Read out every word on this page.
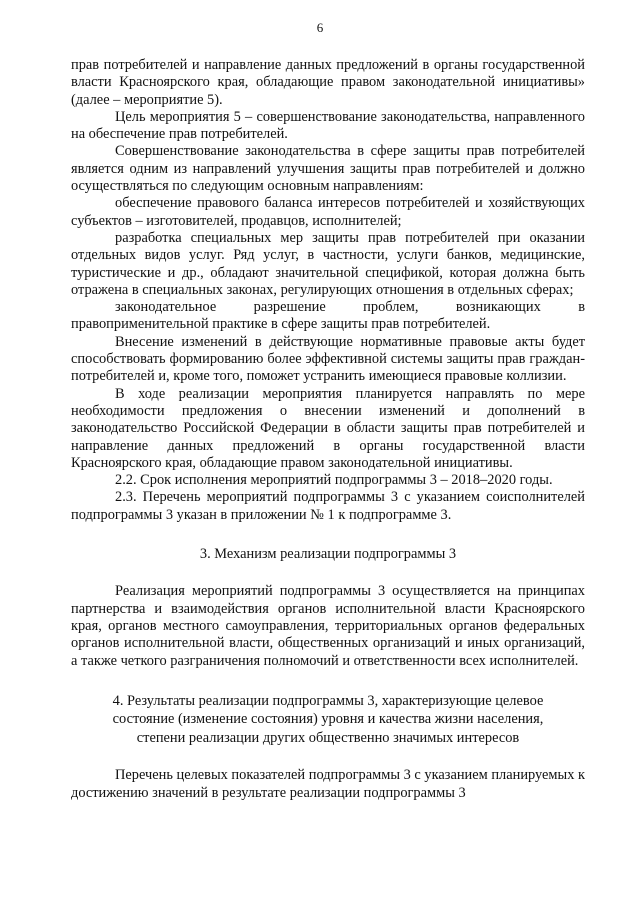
6

прав потребителей и направление данных предложений в органы государственной власти Красноярского края, обладающие правом законодательной инициативы» (далее – мероприятие 5).

Цель мероприятия 5 – совершенствование законодательства, направленного на обеспечение прав потребителей.

Совершенствование законодательства в сфере защиты прав потребителей является одним из направлений улучшения защиты прав потребителей и должно осуществляться по следующим основным направлениям:

обеспечение правового баланса интересов потребителей и хозяйствующих субъектов – изготовителей, продавцов, исполнителей;

разработка специальных мер защиты прав потребителей при оказании отдельных видов услуг. Ряд услуг, в частности, услуги банков, медицинские, туристические и др., обладают значительной спецификой, которая должна быть отражена в специальных законах, регулирующих отношения в отдельных сферах;

законодательное разрешение проблем, возникающих в правоприменительной практике в сфере защиты прав потребителей.

Внесение изменений в действующие нормативные правовые акты будет способствовать формированию более эффективной системы защиты прав граждан-потребителей и, кроме того, поможет устранить имеющиеся правовые коллизии.

В ходе реализации мероприятия планируется направлять по мере необходимости предложения о внесении изменений и дополнений в законодательство Российской Федерации в области защиты прав потребителей и направление данных предложений в органы государственной власти Красноярского края, обладающие правом законодательной инициативы.

2.2. Срок исполнения мероприятий подпрограммы 3 – 2018–2020 годы.

2.3. Перечень мероприятий подпрограммы 3 с указанием соисполнителей подпрограммы 3 указан в приложении № 1 к подпрограмме 3.

3. Механизм реализации подпрограммы 3

Реализация мероприятий подпрограммы 3 осуществляется на принципах партнерства и взаимодействия органов исполнительной власти Красноярского края, органов местного самоуправления, территориальных органов федеральных органов исполнительной власти, общественных организаций и иных организаций, а также четкого разграничения полномочий и ответственности всех исполнителей.

4. Результаты реализации подпрограммы 3, характеризующие целевое
состояние (изменение состояния) уровня и качества жизни населения,
степени реализации других общественно значимых интересов

Перечень целевых показателей подпрограммы 3 с указанием планируемых к достижению значений в результате реализации подпрограммы 3
